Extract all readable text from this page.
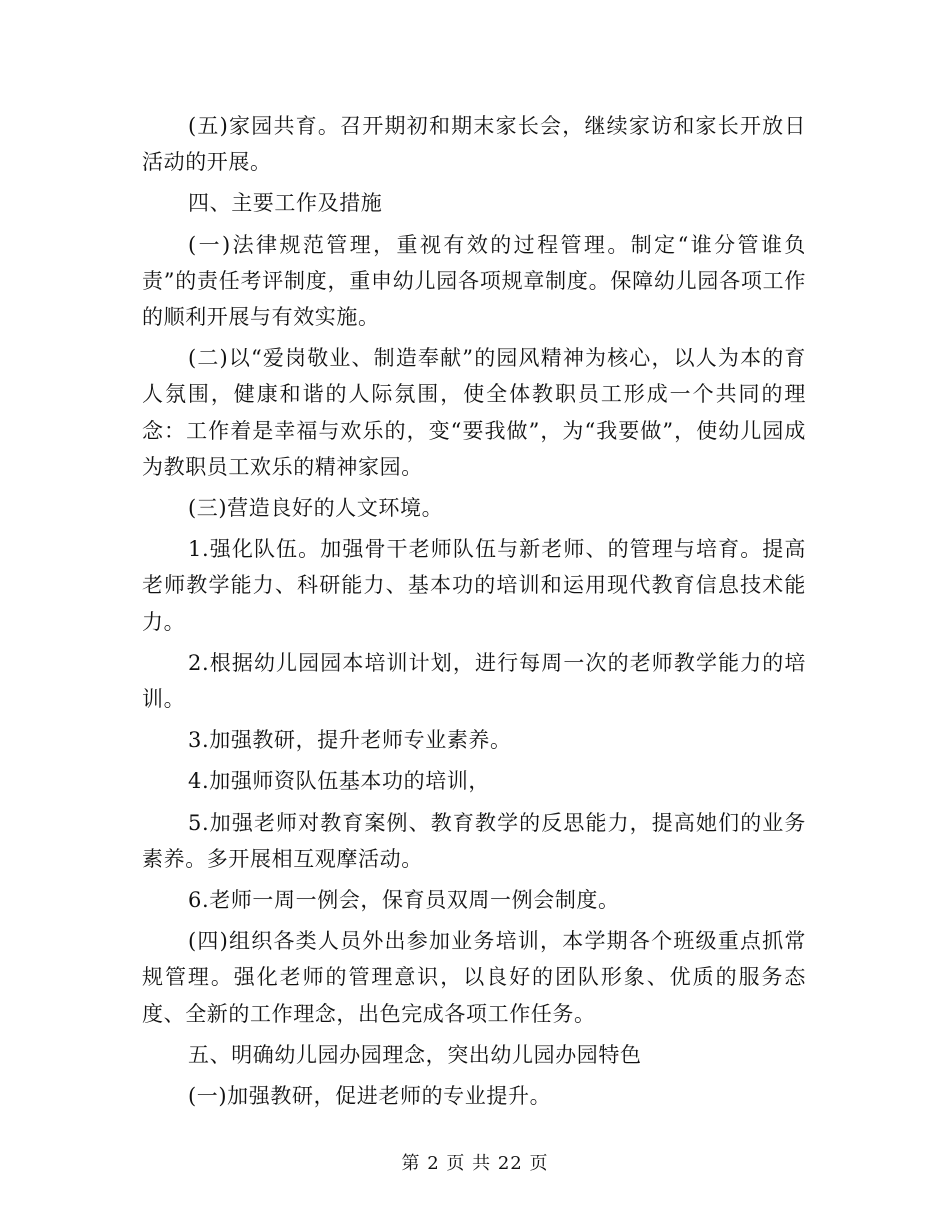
(五)家园共育。召开期初和期末家长会，继续家访和家长开放日活动的开展。

四、主要工作及措施

(一)法律规范管理，重视有效的过程管理。制定“谁分管谁负责”的责任考评制度，重申幼儿园各项规章制度。保障幼儿园各项工作的顺利开展与有效实施。

(二)以“爱岗敬业、制造奉献”的园风精神为核心，以人为本的育人氛围，健康和谐的人际氛围，使全体教职员工形成一个共同的理念：工作着是幸福与欢乐的，变“要我做”，为“我要做”，使幼儿园成为教职员工欢乐的精神家园。

(三)营造良好的人文环境。

1.强化队伍。加强骨干老师队伍与新老师、的管理与培育。提高老师教学能力、科研能力、基本功的培训和运用现代教育信息技术能力。

2.根据幼儿园园本培训计划，进行每周一次的老师教学能力的培训。

3.加强教研，提升老师专业素养。

4.加强师资队伍基本功的培训，

5.加强老师对教育案例、教育教学的反思能力，提高她们的业务素养。多开展相互观摩活动。

6.老师一周一例会，保育员双周一例会制度。

(四)组织各类人员外出参加业务培训，本学期各个班级重点抓常规管理。强化老师的管理意识，以良好的团队形象、优质的服务态度、全新的工作理念，出色完成各项工作任务。

五、明确幼儿园办园理念，突出幼儿园办园特色

(一)加强教研，促进老师的专业提升。

第 2 页 共 22 页
